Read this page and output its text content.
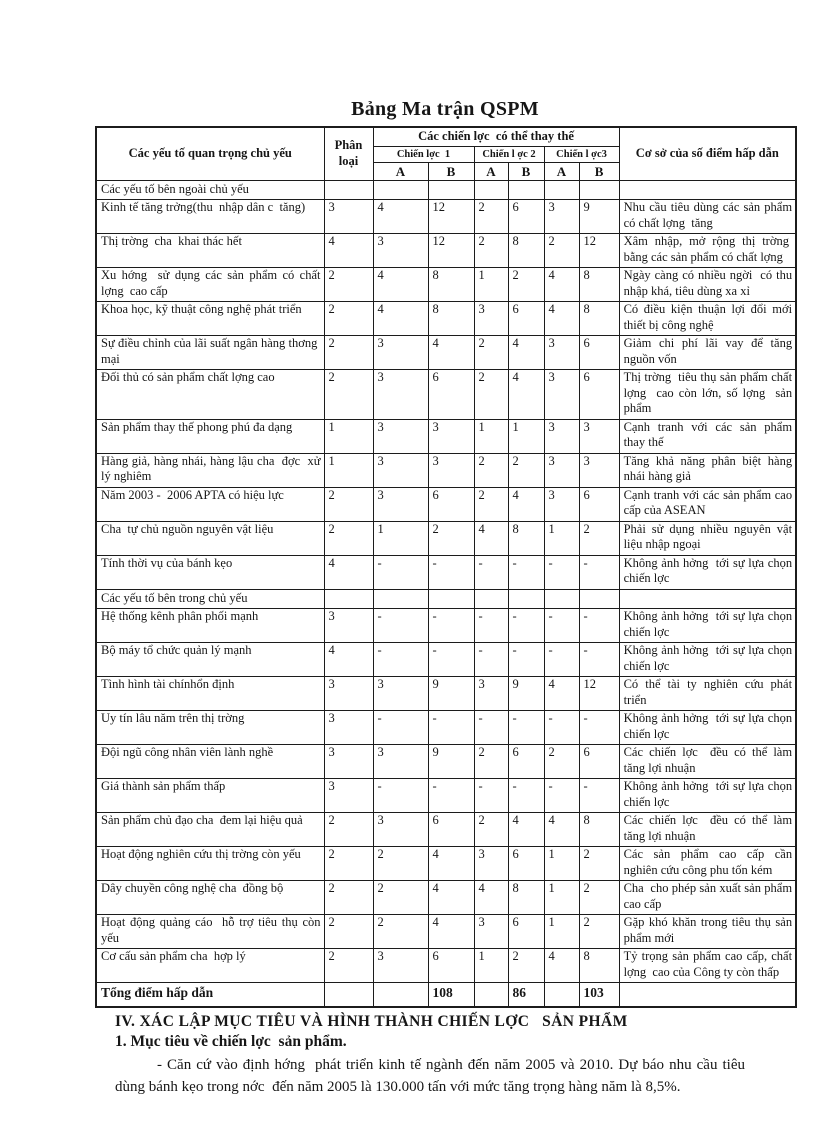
Bảng Ma trận QSPM
Các yếu tố quan trọng chủ yếu	Phân loại	Các chiến lợc  có thể thay thế						Cơ sở của số điểm hấp dẫn
		Chiến lợc  1		Chiến l ợc 2		Chiến l ợc3		
		A	B	A	B	A	B	
Các yếu tố bên ngoài chủ yếu								
Kinh tế tăng trởng(thu  nhập dân c  tăng)	3	4	12	2	6	3	9	Nhu cầu tiêu dùng các sản phẩm có chất lợng  tăng
Thị trờng  cha  khai thác hết	4	3	12	2	8	2	12	Xâm nhập, mở rộng thị trờng  bằng các sản phẩm có chất lợng
Xu hớng  sử dụng các sản phẩm có chất lợng  cao cấp	2	4	8	1	2	4	8	Ngày càng có nhiều ngời  có thu nhập khá, tiêu dùng xa xỉ
Khoa học, kỹ thuật công nghệ phát triển	2	4	8	3	6	4	8	Có điều kiện thuận lợi đổi mới thiết bị công nghệ
Sự điều chỉnh của lãi suất ngân hàng thơng  mại	2	3	4	2	4	3	6	Giảm chi phí lãi vay để tăng nguồn vốn
Đối thủ có sản phẩm chất lợng cao	2	3	6	2	4	3	6	Thị trờng  tiêu thụ sản phẩm chất lợng  cao còn lớn, số lợng  sản phẩm
Sản phẩm thay thế phong phú đa dạng	1	3	3	1	1	3	3	Cạnh tranh với các sản phẩm thay thế
Hàng giả, hàng nhái, hàng lậu cha  đợc  xử lý nghiêm	1	3	3	2	2	3	3	Tăng khả năng phân biệt hàng nhái hàng giả
Năm 2003 -  2006 APTA có hiệu lực	2	3	6	2	4	3	6	Cạnh tranh với các sản phẩm cao cấp của ASEAN
Cha  tự chủ nguồn nguyên vật liệu	2	1	2	4	8	1	2	Phải sử dụng nhiều nguyên vật liệu nhập ngoại
Tính thời vụ của bánh kẹo	4	-	-	-	-	-	-	Không ảnh hởng  tới sự lựa chọn chiến lợc
Các yếu tố bên trong chủ yếu								
Hệ thống kênh phân phối mạnh	3	-	-	-	-	-	-	Không ảnh hởng  tới sự lựa chọn chiến lợc
Bộ máy tổ chức quản lý mạnh	4	-	-	-	-	-	-	Không ảnh hởng  tới sự lựa chọn chiến lợc
Tình hình tài chínhổn định	3	3	9	3	9	4	12	Có thể tài ty nghiên cứu phát triển
Uy tín lâu năm trên thị trờng	3	-	-	-	-	-	-	Không ảnh hởng  tới sự lựa chọn chiến lợc
Đội ngũ công nhân viên lành nghề	3	3	9	2	6	2	6	Các chiến lợc  đều có thể làm tăng lợi nhuận
Giá thành sản phẩm thấp	3	-	-	-	-	-	-	Không ảnh hởng  tới sự lựa chọn chiến lợc
Sản phẩm chủ đạo cha  đem lại hiệu quả	2	3	6	2	4	4	8	Các chiến lợc  đều có thể làm tăng lợi nhuận
Hoạt động nghiên cứu thị trờng còn yếu	2	2	4	3	6	1	2	Các sản phẩm cao cấp cần nghiên cứu công phu tốn kém
Dây chuyền công nghệ cha  đồng bộ	2	2	4	4	8	1	2	Cha  cho phép sản xuất sản phẩm cao cấp
Hoạt động quảng cáo  hỗ trợ tiêu thụ còn yếu	2	2	4	3	6	1	2	Gặp khó khăn trong tiêu thụ sản phẩm mới
Cơ cấu sản phẩm cha  hợp lý	2	3	6	1	2	4	8	Tỷ trọng sản phẩm cao cấp, chất lợng  cao của Công ty còn thấp
Tổng điểm hấp dẫn			108		86		103	
IV. XÁC LẬP MỤC TIÊU VÀ HÌNH THÀNH CHIẾN LỢC   SẢN PHẨM
1. Mục tiêu về chiến lợc  sản phẩm.

- Căn cứ vào định hớng  phát triển kinh tế ngành đến năm 2005 và 2010. Dự báo nhu cầu tiêu dùng bánh kẹo trong nớc  đến năm 2005 là 130.000 tấn với mức tăng trọng hàng năm là 8,5%.
